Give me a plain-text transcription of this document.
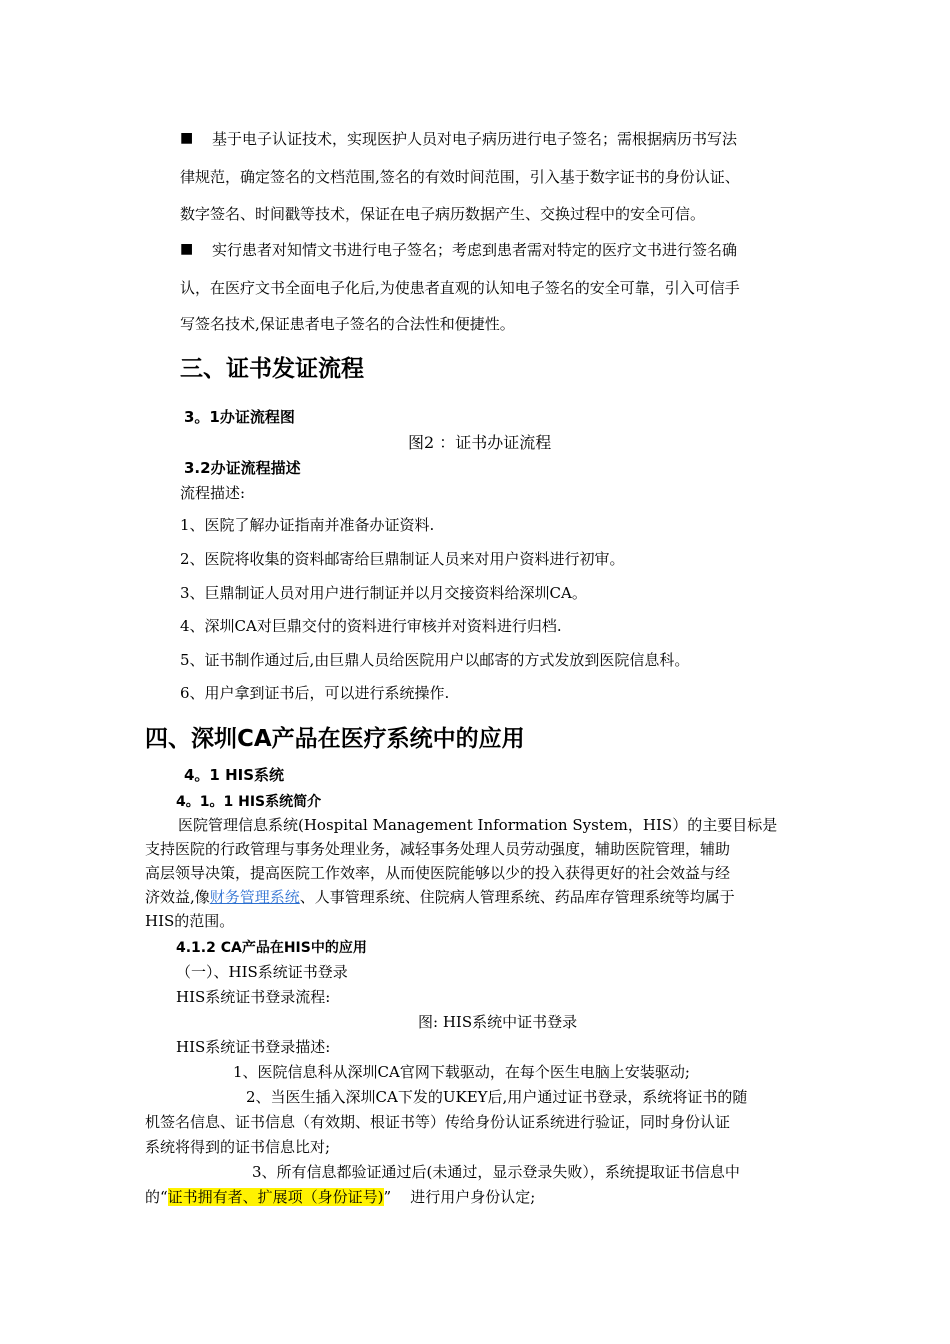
■ 基于电子认证技术，实现医护人员对电子病历进行电子签名；需根据病历书写法
律规范，确定签名的文档范围,签名的有效时间范围，引入基于数字证书的身份认证、
数字签名、时间戳等技术，保证在电子病历数据产生、交换过程中的安全可信。
■ 实行患者对知情文书进行电子签名；考虑到患者需对特定的医疗文书进行签名确
认，在医疗文书全面电子化后,为使患者直观的认知电子签名的安全可靠，引入可信手
写签名技术,保证患者电子签名的合法性和便捷性。
三、证书发证流程
3。1办证流程图
图2 ：证书办证流程
3.2办证流程描述
流程描述:
1、医院了解办证指南并准备办证资料.
2、医院将收集的资料邮寄给巨鼎制证人员来对用户资料进行初审。
3、巨鼎制证人员对用户进行制证并以月交接资料给深圳CA。
4、深圳CA对巨鼎交付的资料进行审核并对资料进行归档.
5、证书制作通过后,由巨鼎人员给医院用户以邮寄的方式发放到医院信息科。
6、用户拿到证书后，可以进行系统操作.
四、深圳CA产品在医疗系统中的应用
4。1 HIS系统
4。1。1 HIS系统简介
医院管理信息系统(Hospital Management Information System，HIS）的主要目标是
支持医院的行政管理与事务处理业务，减轻事务处理人员劳动强度，辅助医院管理，辅助
高层领导决策，提高医院工作效率，从而使医院能够以少的投入获得更好的社会效益与经
济效益,像财务管理系统、人事管理系统、住院病人管理系统、药品库存管理系统等均属于
HIS的范围。
4.1.2 CA产品在HIS中的应用
（一）、HIS系统证书登录
HIS系统证书登录流程:
图: HIS系统中证书登录
HIS系统证书登录描述:
1、医院信息科从深圳CA官网下载驱动，在每个医生电脑上安装驱动;
2、当医生插入深圳CA下发的UKEY后,用户通过证书登录，系统将证书的随
机签名信息、证书信息（有效期、根证书等）传给身份认证系统进行验证，同时身份认证
系统将得到的证书信息比对;
3、所有信息都验证通过后(未通过，显示登录失败），系统提取证书信息中
的“证书拥有者、扩展项（身份证号)”    进行用户身份认定;
